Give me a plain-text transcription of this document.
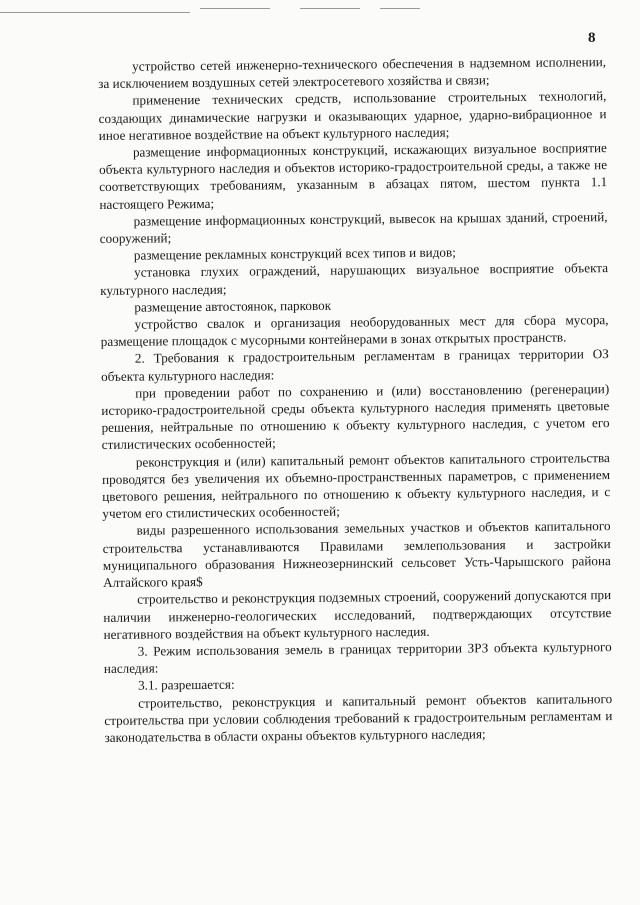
8

устройство сетей инженерно-технического обеспечения в надземном исполнении, за исключением воздушных сетей электросетевого хозяйства и связи;

применение технических средств, использование строительных технологий, создающих динамические нагрузки и оказывающих ударное, ударно-вибрационное и иное негативное воздействие на объект культурного наследия;

размещение информационных конструкций, искажающих визуальное восприятие объекта культурного наследия и объектов историко-градостроительной среды, а также не соответствующих требованиям, указанным в абзацах пятом, шестом пункта 1.1 настоящего Режима;

размещение информационных конструкций, вывесок на крышах зданий, строений, сооружений;

размещение рекламных конструкций всех типов и видов;

установка глухих ограждений, нарушающих визуальное восприятие объекта культурного наследия;

размещение автостоянок, парковок

устройство свалок и организация необорудованных мест для сбора мусора, размещение площадок с мусорными контейнерами в зонах открытых пространств.

2. Требования к градостроительным регламентам в границах территории ОЗ объекта культурного наследия:

при проведении работ по сохранению и (или) восстановлению (регенерации) историко-градостроительной среды объекта культурного наследия применять цветовые решения, нейтральные по отношению к объекту культурного наследия, с учетом его стилистических особенностей;

реконструкция и (или) капитальный ремонт объектов капитального строительства проводятся без увеличения их объемно-пространственных параметров, с применением цветового решения, нейтрального по отношению к объекту культурного наследия, и с учетом его стилистических особенностей;

виды разрешенного использования земельных участков и объектов капитального строительства устанавливаются Правилами землепользования и застройки муниципального образования Нижнеозернинский сельсовет Усть-Чарышского района Алтайского края$

строительство и реконструкция подземных строений, сооружений допускаются при наличии инженерно-геологических исследований, подтверждающих отсутствие негативного воздействия на объект культурного наследия.

3. Режим использования земель в границах территории ЗРЗ объекта культурного наследия:

3.1. разрешается:

строительство, реконструкция и капитальный ремонт объектов капитального строительства при условии соблюдения требований к градостроительным регламентам и законодательства в области охраны объектов культурного наследия;
